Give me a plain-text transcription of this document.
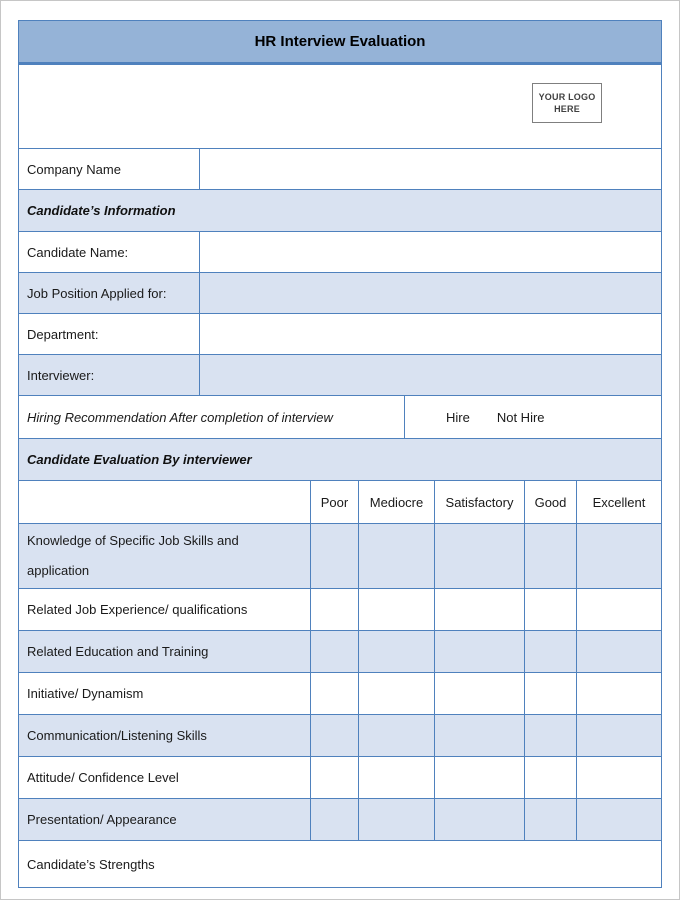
HR Interview Evaluation
YOUR LOGO
HERE
Company Name
Candidate’s Information
Candidate Name:
Job Position Applied for:
Department:
Interviewer:
Hiring Recommendation After completion of interview	Hire Not Hire
Candidate Evaluation By interviewer
Poor Mediocre Satisfactory Good Excellent
Knowledge of Specific Job Skills and application
Related Job Experience/ qualifications
Related Education and Training
Initiative/ Dynamism
Communication/Listening Skills
Attitude/ Confidence Level
Presentation/ Appearance
Candidate’s Strengths
